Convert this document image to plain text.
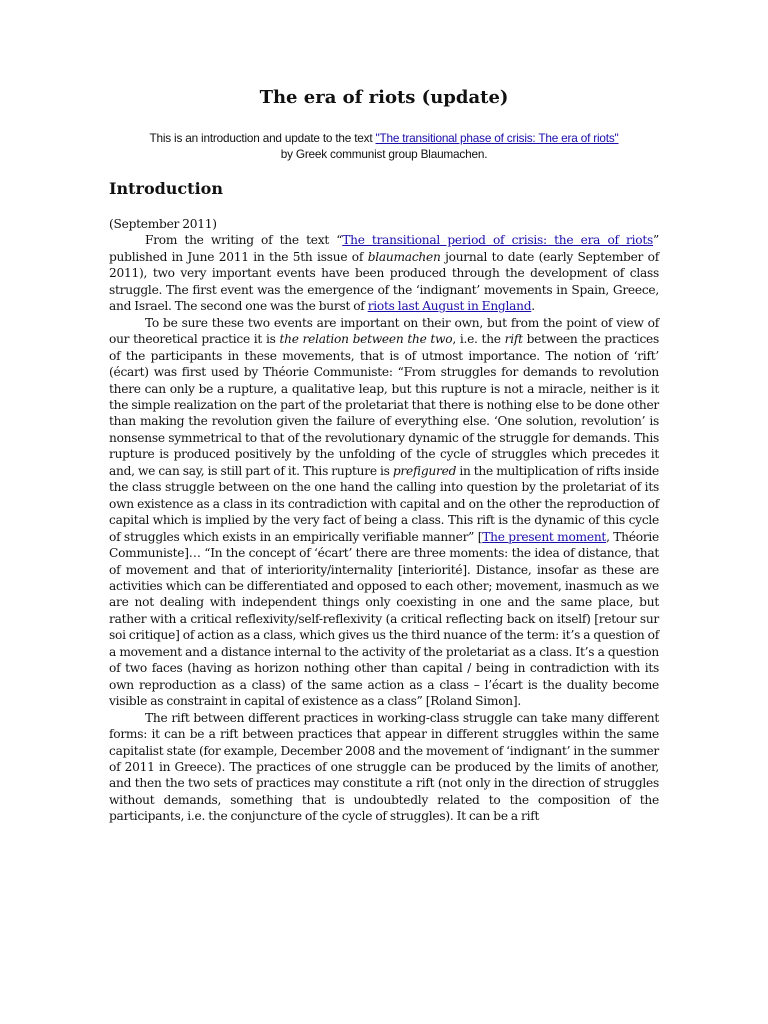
The era of riots (update)
This is an introduction and update to the text "The transitional phase of crisis: The era of riots"
by Greek communist group Blaumachen.
Introduction

(September 2011)

From the writing of the text “The transitional period of crisis: the era of riots” published in June 2011 in the 5th issue of blaumachen journal to date (early September of 2011), two very important events have been produced through the development of class struggle. The first event was the emergence of the ‘indignant’ movements in Spain, Greece, and Israel. The second one was the burst of riots last August in England.

To be sure these two events are important on their own, but from the point of view of our theoretical practice it is the relation between the two, i.e. the rift between the practices of the participants in these movements, that is of utmost importance. The notion of ‘rift’ (écart) was first used by Théorie Communiste: “From struggles for demands to revolution there can only be a rupture, a qualitative leap, but this rupture is not a miracle, neither is it the simple realization on the part of the proletariat that there is nothing else to be done other than making the revolution given the failure of everything else. ‘One solution, revolution’ is nonsense symmetrical to that of the revolutionary dynamic of the struggle for demands. This rupture is produced positively by the unfolding of the cycle of struggles which precedes it and, we can say, is still part of it. This rupture is prefigured in the multiplication of rifts inside the class struggle between on the one hand the calling into question by the proletariat of its own existence as a class in its contradiction with capital and on the other the reproduction of capital which is implied by the very fact of being a class. This rift is the dynamic of this cycle of struggles which exists in an empirically verifiable manner” [The present moment, Théorie Communiste]… “In the concept of ‘écart’ there are three moments: the idea of distance, that of movement and that of interiority/internality [interiorité]. Distance, insofar as these are activities which can be differentiated and opposed to each other; movement, inasmuch as we are not dealing with independent things only coexisting in one and the same place, but rather with a critical reflexivity/self-reflexivity (a critical reflecting back on itself) [retour sur soi critique] of action as a class, which gives us the third nuance of the term: it’s a question of a movement and a distance internal to the activity of the proletariat as a class. It’s a question of two faces (having as horizon nothing other than capital / being in contradiction with its own reproduction as a class) of the same action as a class – l’écart is the duality become visible as constraint in capital of existence as a class” [Roland Simon].

The rift between different practices in working-class struggle can take many different forms: it can be a rift between practices that appear in different struggles within the same capitalist state (for example, December 2008 and the movement of ‘indignant’ in the summer of 2011 in Greece). The practices of one struggle can be produced by the limits of another, and then the two sets of practices may constitute a rift (not only in the direction of struggles without demands, something that is undoubtedly related to the composition of the participants, i.e. the conjuncture of the cycle of struggles). It can be a rift
